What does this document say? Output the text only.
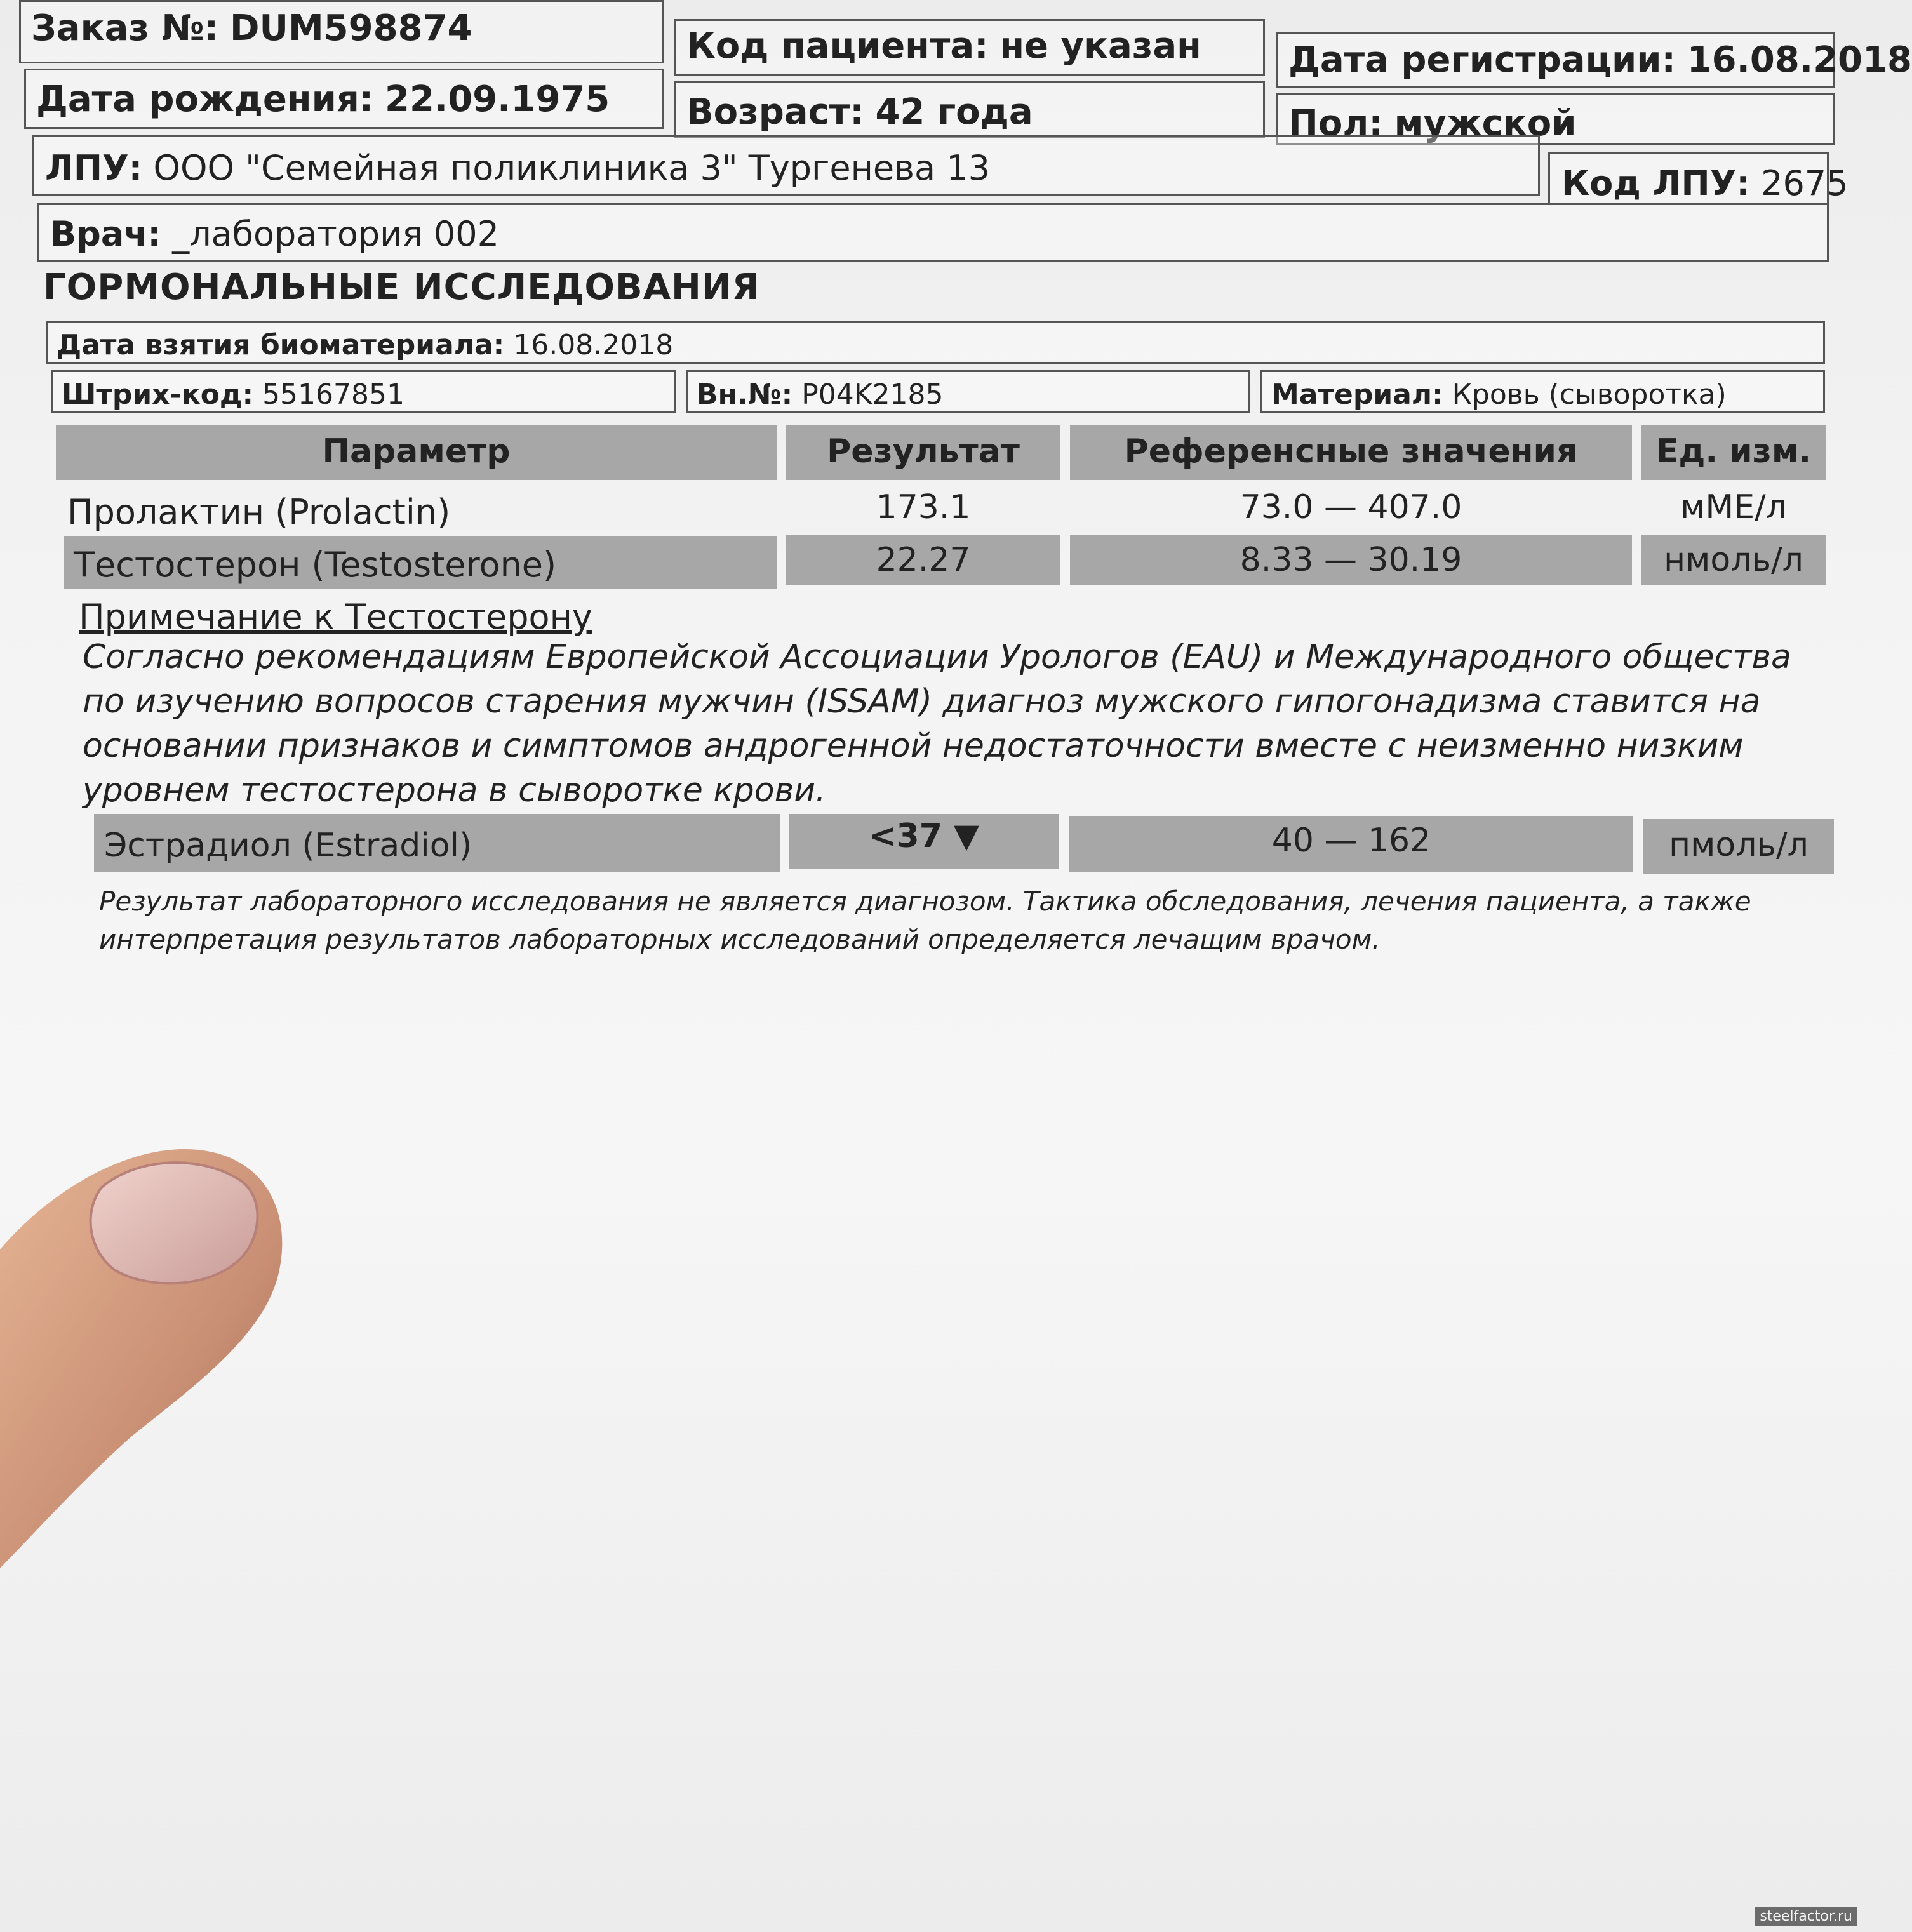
Заказ №: DUM598874	Код пациента: не указан	Дата регистрации: 16.08.2018
Дата рождения: 22.09.1975	Возраст: 42 года	Пол: мужской
ЛПУ: ООО "Семейная поликлиника 3" Тургенева 13	Код ЛПУ: 2675
Врач: _лаборатория 002
ГОРМОНАЛЬНЫЕ ИССЛЕДОВАНИЯ
Дата взятия биоматериала: 16.08.2018
Штрих-код: 55167851	Вн.№: P04K2185	Материал: Кровь (сыворотка)
Параметр	Результат	Референсные значения	Ед. изм.
Пролактин (Prolactin)	173.1	73.0 — 407.0	мМЕ/л
Тестостерон (Testosterone)	22.27	8.33 — 30.19	нмоль/л
Примечание к Тестостерону
Согласно рекомендациям Европейской Ассоциации Урологов (EAU) и Международного общества по изучению вопросов старения мужчин (ISSAM) диагноз мужского гипогонадизма ставится на основании признаков и симптомов андрогенной недостаточности вместе с неизменно низким уровнем тестостерона в сыворотке крови.
Эстрадиол (Estradiol)	<37 ▼	40 — 162	пмоль/л
Результат лабораторного исследования не является диагнозом. Тактика обследования, лечения пациента, а также интерпретация результатов лабораторных исследований определяется лечащим врачом.
steelfactor.ru
